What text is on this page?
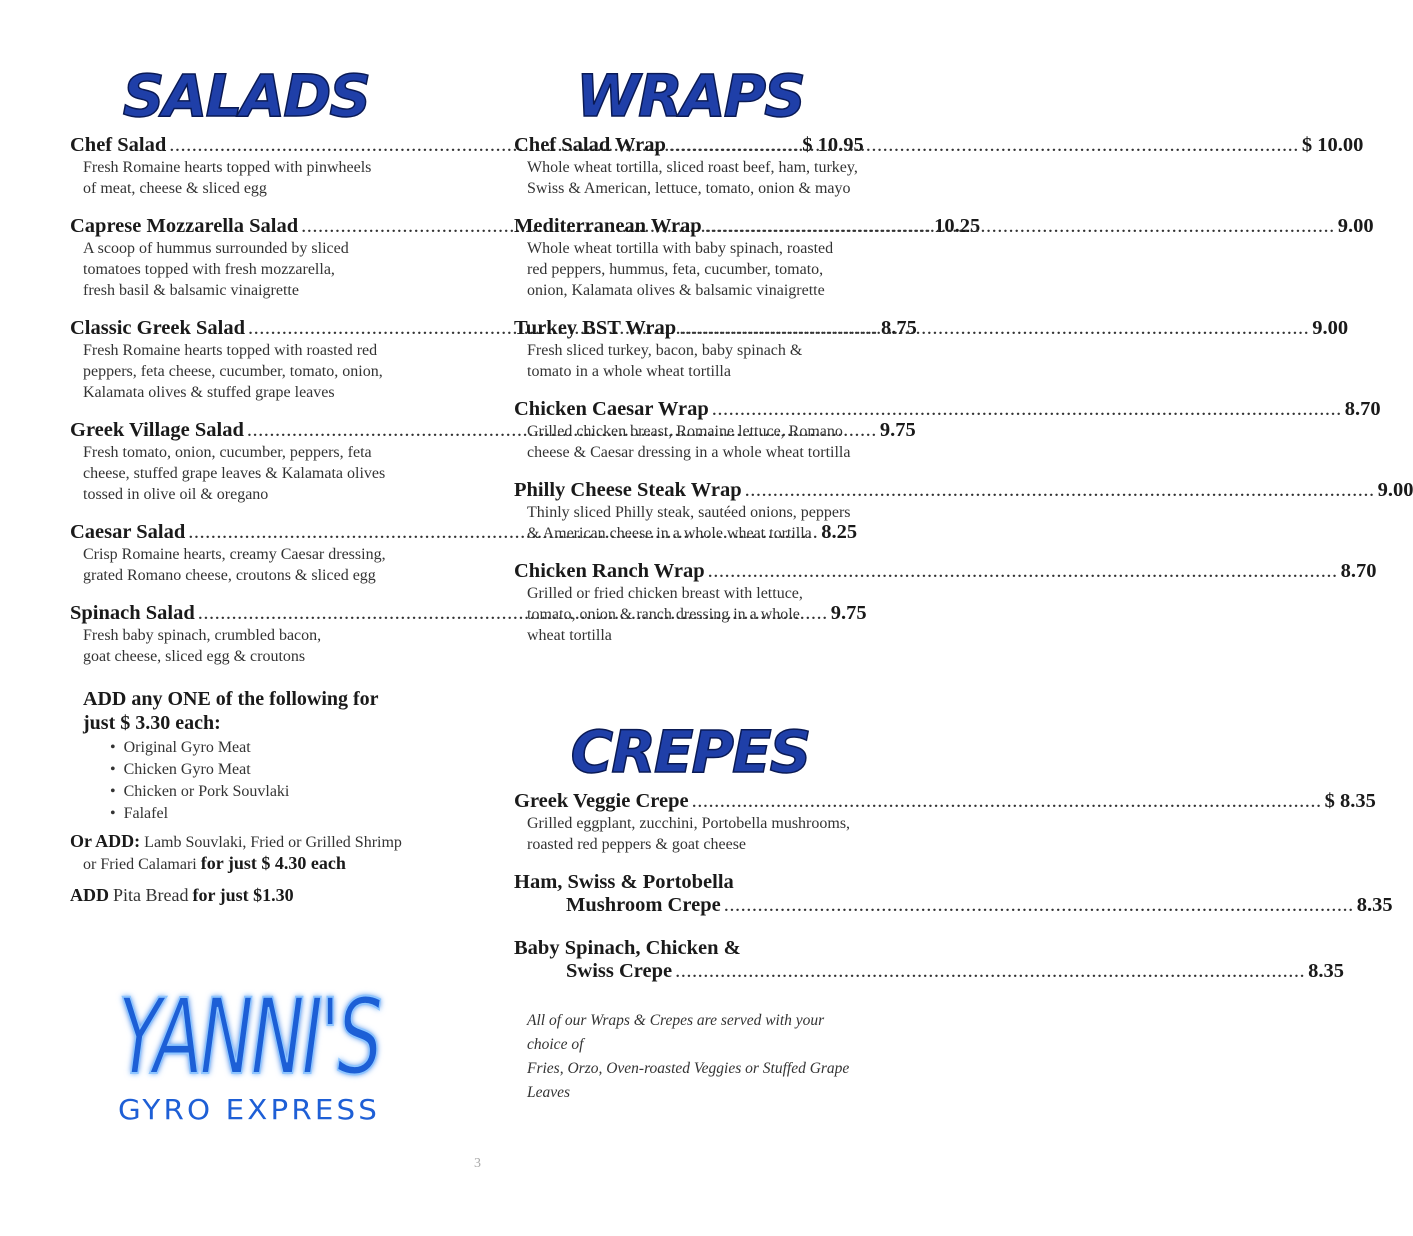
SALADS
Chef Salad .....	$ 10.95
Fresh Romaine hearts topped with pinwheels
of meat, cheese & sliced egg
Caprese Mozzarella Salad .....	10.25
A scoop of hummus surrounded by sliced
tomatoes topped with fresh mozzarella,
fresh basil & balsamic vinaigrette
Classic Greek Salad .....	8.75
Fresh Romaine hearts topped with roasted red
peppers, feta cheese, cucumber, tomato, onion,
Kalamata olives & stuffed grape leaves
Greek Village Salad .....	9.75
Fresh tomato, onion, cucumber, peppers, feta
cheese, stuffed grape leaves & Kalamata olives
tossed in olive oil & oregano
Caesar Salad .....	8.25
Crisp Romaine hearts, creamy Caesar dressing,
grated Romano cheese, croutons & sliced egg
Spinach Salad .....	9.75
Fresh baby spinach, crumbled bacon,
goat cheese, sliced egg & croutons
ADD any ONE of the following for
just $ 3.30 each:
• Original Gyro Meat
• Chicken Gyro Meat
• Chicken or Pork Souvlaki
• Falafel
Or ADD: Lamb Souvlaki, Fried or Grilled Shrimp
or Fried Calamari for just $ 4.30 each
ADD Pita Bread for just $1.30
YANNI'S
GYRO EXPRESS
WRAPS
Chef Salad Wrap .....	$ 10.00
Whole wheat tortilla, sliced roast beef, ham, turkey,
Swiss & American, lettuce, tomato, onion & mayo
Mediterranean Wrap .....	9.00
Whole wheat tortilla with baby spinach, roasted
red peppers, hummus, feta, cucumber, tomato,
onion, Kalamata olives & balsamic vinaigrette
Turkey BST Wrap .....	9.00
Fresh sliced turkey, bacon, baby spinach &
tomato in a whole wheat tortilla
Chicken Caesar Wrap .....	8.70
Grilled chicken breast, Romaine lettuce, Romano
cheese & Caesar dressing in a whole wheat tortilla
Philly Cheese Steak Wrap .....	9.00
Thinly sliced Philly steak, sautéed onions, peppers
& American cheese in a whole wheat tortilla
Chicken Ranch Wrap .....	8.70
Grilled or fried chicken breast with lettuce,
tomato, onion & ranch dressing in a whole
wheat tortilla
CREPES
Greek Veggie Crepe .....	$ 8.35
Grilled eggplant, zucchini, Portobella mushrooms,
roasted red peppers & goat cheese
Ham, Swiss & Portobella
Mushroom Crepe .....	8.35
Baby Spinach, Chicken &
Swiss Crepe .....	8.35
All of our Wraps & Crepes are served with your choice of
Fries, Orzo, Oven-roasted Veggies or Stuffed Grape Leaves
3
